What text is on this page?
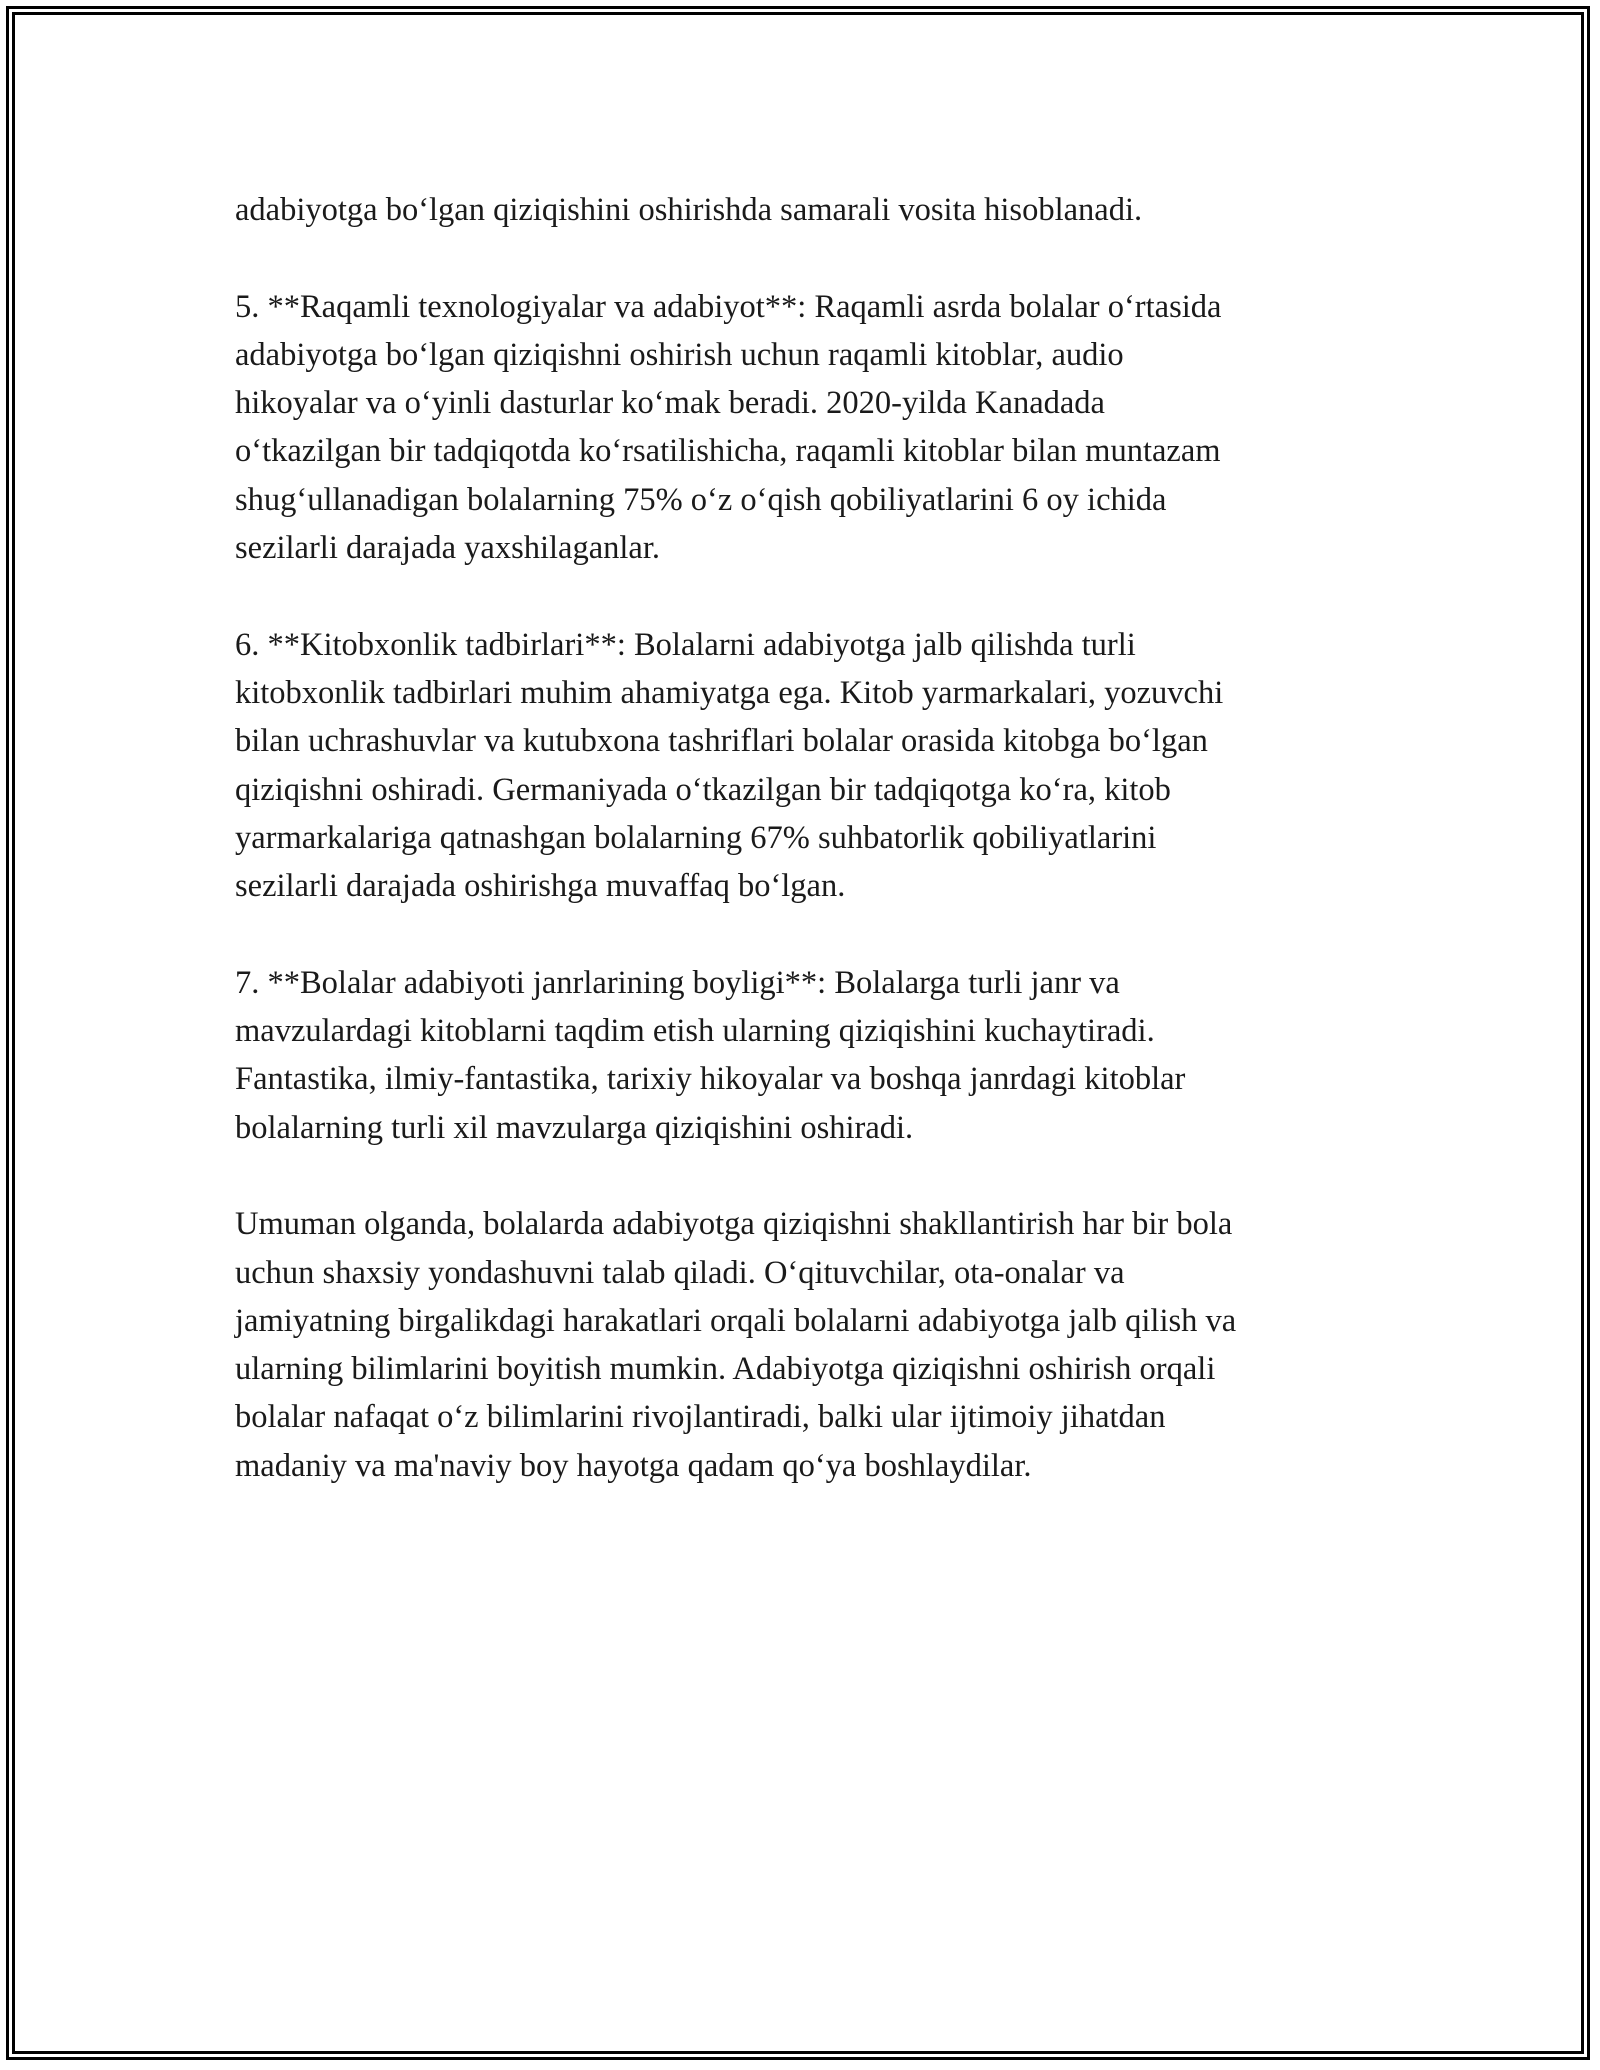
adabiyotga bo‘lgan qiziqishini oshirishda samarali vosita hisoblanadi.
5. **Raqamli texnologiyalar va adabiyot**: Raqamli asrda bolalar o‘rtasida
adabiyotga bo‘lgan qiziqishni oshirish uchun raqamli kitoblar, audio
hikoyalar va o‘yinli dasturlar ko‘mak beradi. 2020-yilda Kanadada
o‘tkazilgan bir tadqiqotda ko‘rsatilishicha, raqamli kitoblar bilan muntazam
shug‘ullanadigan bolalarning 75% o‘z o‘qish qobiliyatlarini 6 oy ichida
sezilarli darajada yaxshilaganlar.
6. **Kitobxonlik tadbirlari**: Bolalarni adabiyotga jalb qilishda turli
kitobxonlik tadbirlari muhim ahamiyatga ega. Kitob yarmarkalari, yozuvchi
bilan uchrashuvlar va kutubxona tashriflari bolalar orasida kitobga bo‘lgan
qiziqishni oshiradi. Germaniyada o‘tkazilgan bir tadqiqotga ko‘ra, kitob
yarmarkalariga qatnashgan bolalarning 67% suhbatorlik qobiliyatlarini
sezilarli darajada oshirishga muvaffaq bo‘lgan.
7. **Bolalar adabiyoti janrlarining boyligi**: Bolalarga turli janr va
mavzulardagi kitoblarni taqdim etish ularning qiziqishini kuchaytiradi.
Fantastika, ilmiy-fantastika, tarixiy hikoyalar va boshqa janrdagi kitoblar
bolalarning turli xil mavzularga qiziqishini oshiradi.
Umuman olganda, bolalarda adabiyotga qiziqishni shakllantirish har bir bola
uchun shaxsiy yondashuvni talab qiladi. O‘qituvchilar, ota-onalar va
jamiyatning birgalikdagi harakatlari orqali bolalarni adabiyotga jalb qilish va
ularning bilimlarini boyitish mumkin. Adabiyotga qiziqishni oshirish orqali
bolalar nafaqat o‘z bilimlarini rivojlantiradi, balki ular ijtimoiy jihatdan
madaniy va ma'naviy boy hayotga qadam qo‘ya boshlaydilar.
